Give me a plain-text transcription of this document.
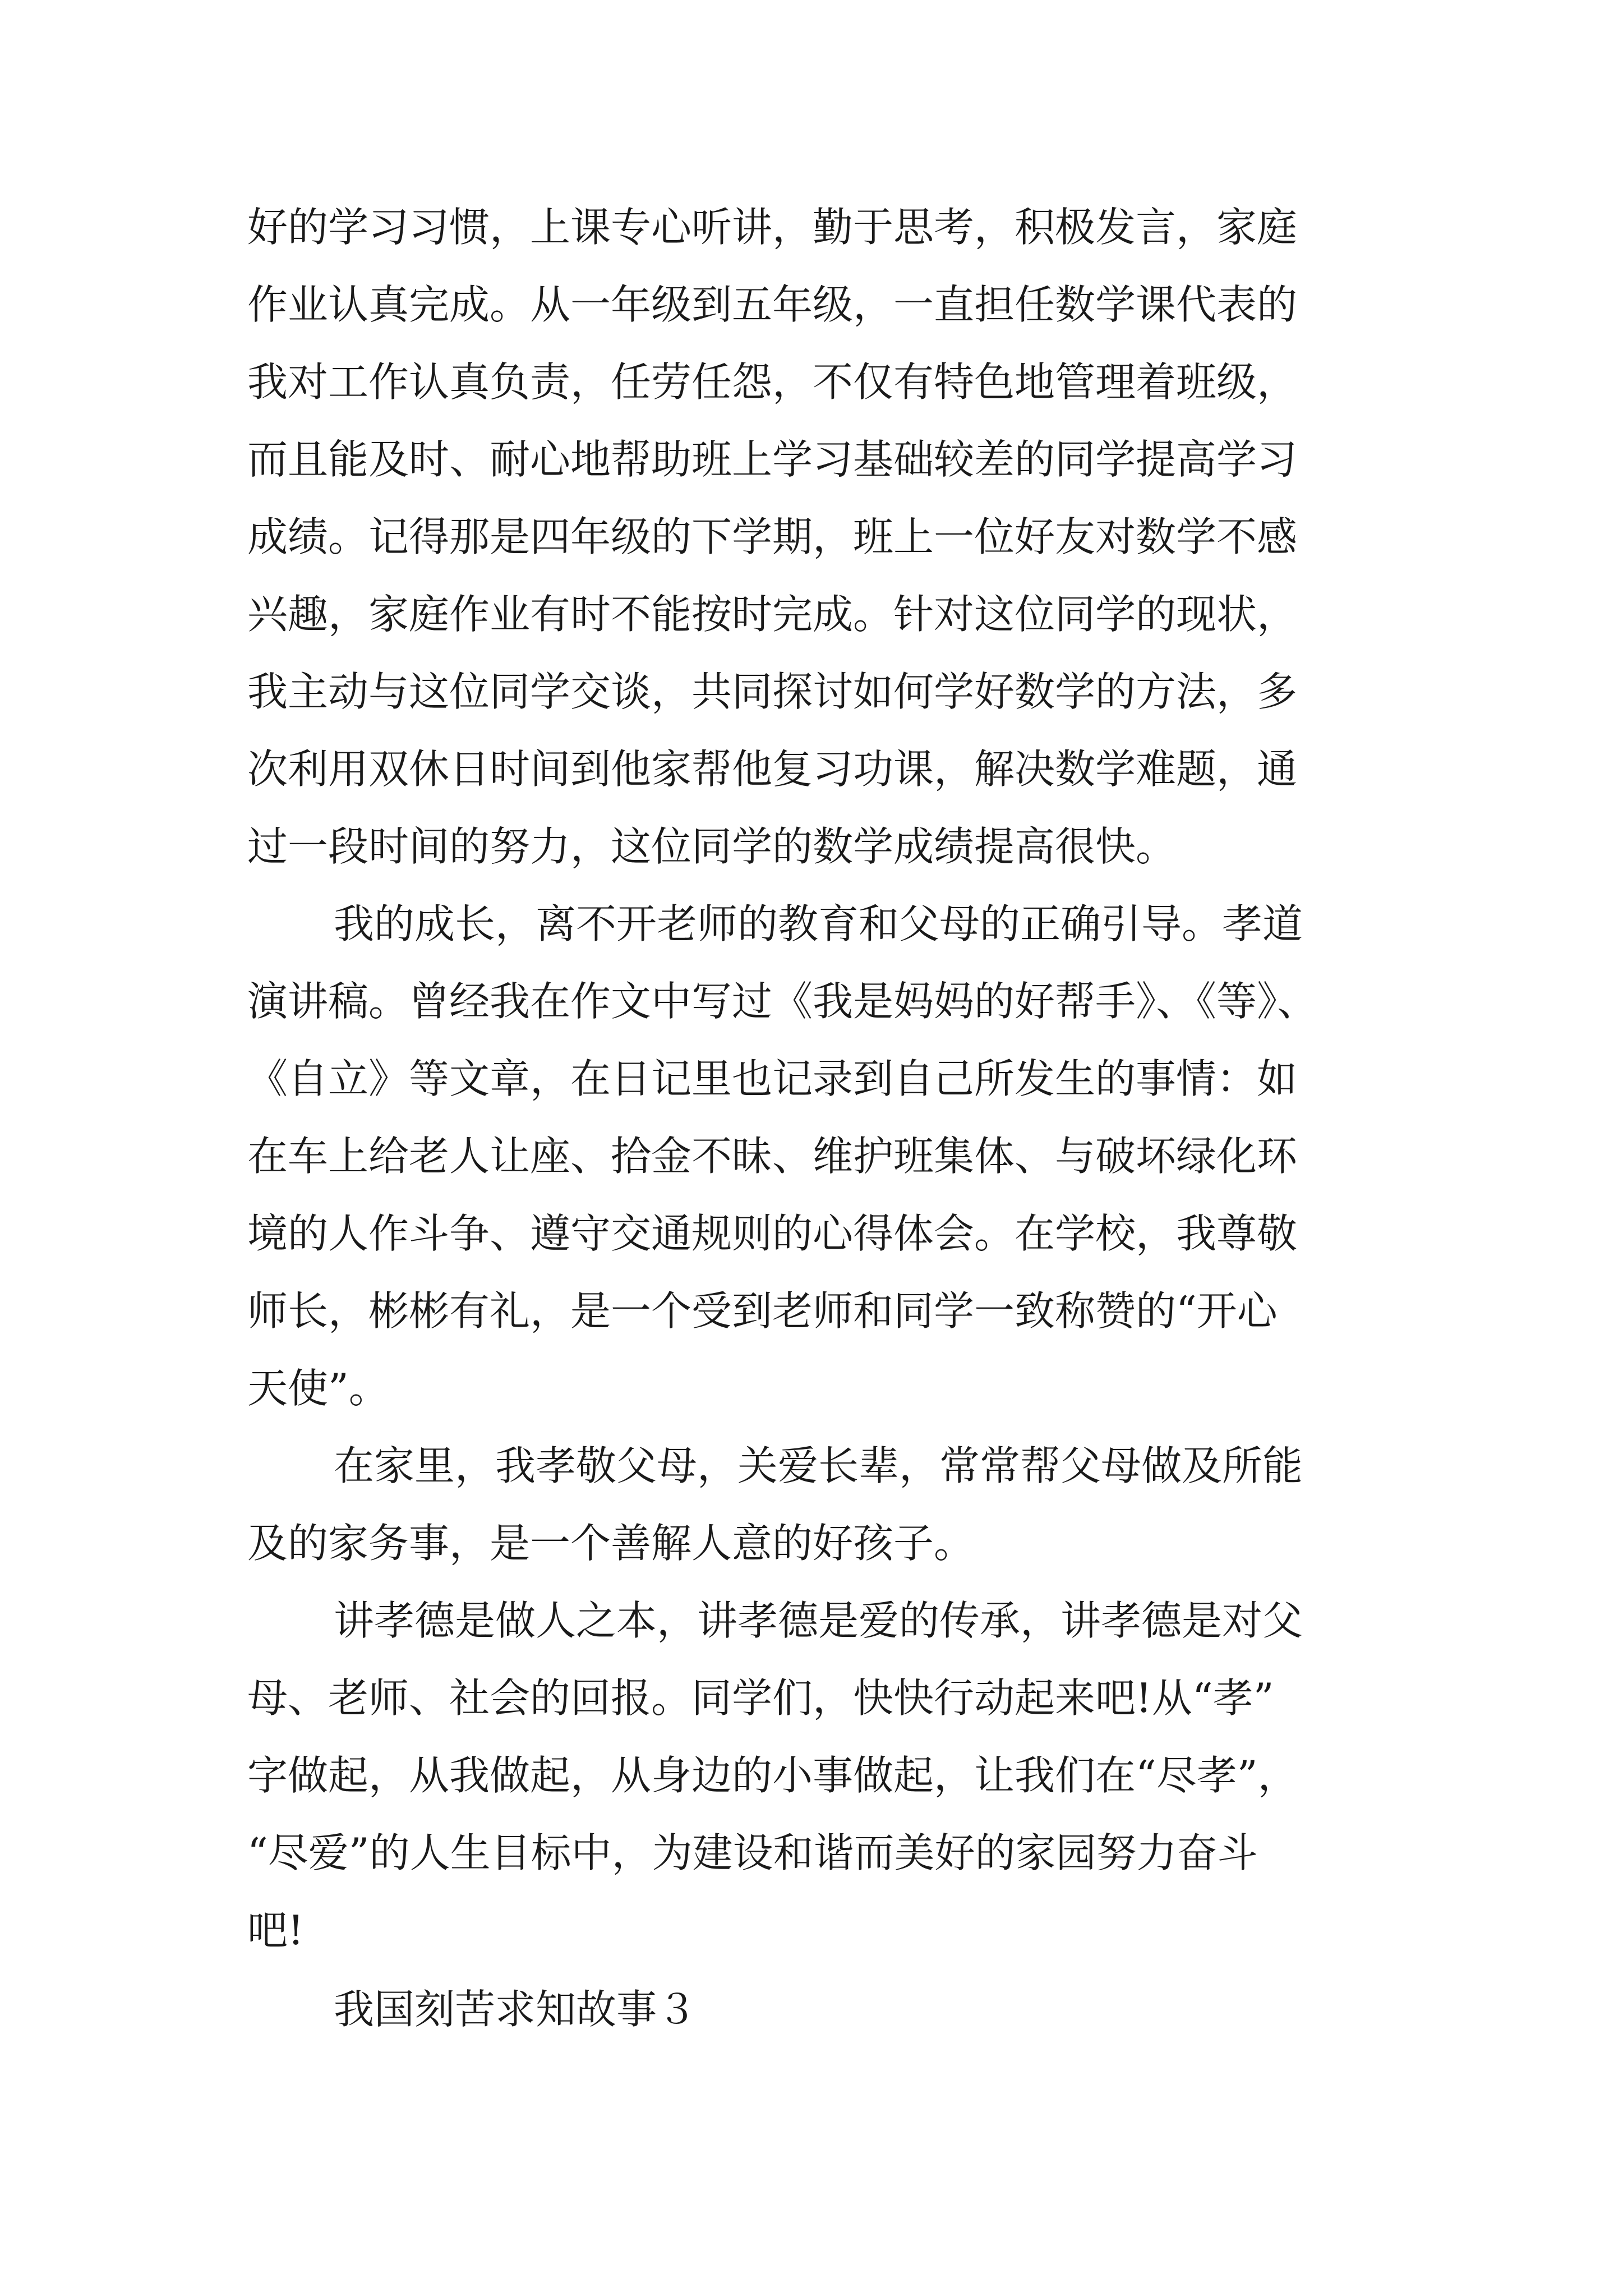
好的学习习惯，上课专心听讲，勤于思考，积极发言，家庭
作业认真完成。从一年级到五年级，一直担任数学课代表的
我对工作认真负责，任劳任怨，不仅有特色地管理着班级，
而且能及时、耐心地帮助班上学习基础较差的同学提高学习
成绩。记得那是四年级的下学期，班上一位好友对数学不感
兴趣，家庭作业有时不能按时完成。针对这位同学的现状，
我主动与这位同学交谈，共同探讨如何学好数学的方法，多
次利用双休日时间到他家帮他复习功课，解决数学难题，通
过一段时间的努力，这位同学的数学成绩提高很快。
我的成长，离不开老师的教育和父母的正确引导。孝道
演讲稿。曾经我在作文中写过《我是妈妈的好帮手》、《等》、
《自立》等文章，在日记里也记录到自己所发生的事情：如
在车上给老人让座、拾金不昧、维护班集体、与破坏绿化环
境的人作斗争、遵守交通规则的心得体会。在学校，我尊敬
师长，彬彬有礼，是一个受到老师和同学一致称赞的“开心
天使”。
在家里，我孝敬父母，关爱长辈，常常帮父母做及所能
及的家务事，是一个善解人意的好孩子。
讲孝德是做人之本，讲孝德是爱的传承，讲孝德是对父
母、老师、社会的回报。同学们，快快行动起来吧!从“孝”
字做起，从我做起，从身边的小事做起，让我们在“尽孝”，
“尽爱”的人生目标中，为建设和谐而美好的家园努力奋斗
吧!
我国刻苦求知故事３
